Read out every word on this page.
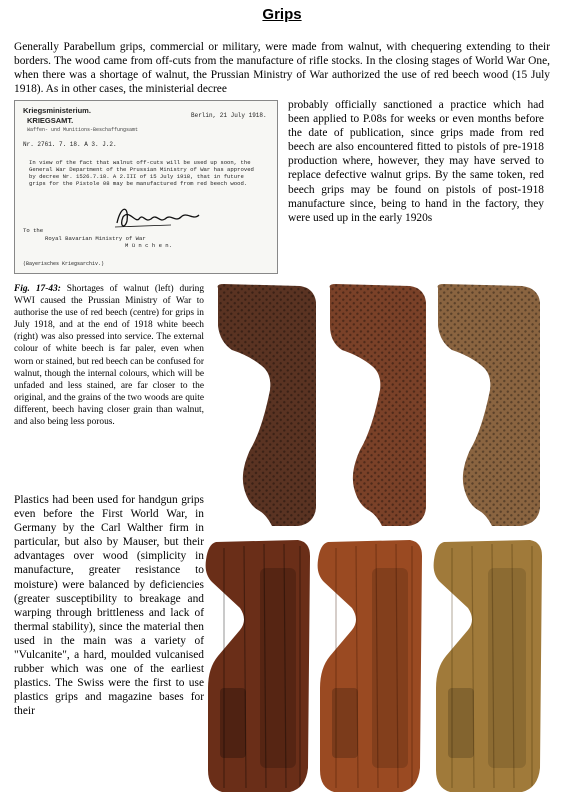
Grips
Generally Parabellum grips, commercial or military, were made from walnut, with chequering extending to their borders. The wood came from off-cuts from the manufacture of rifle stocks. In the closing stages of World War One, when there was a shortage of walnut, the Prussian Ministry of War authorized the use of red beech wood (15 July 1918). As in other cases, the ministerial decree
Kriegsministerium.
KRIEGSAMT.
Waffen- und Munitions-Beschaffungsamt
Berlin, 21 July 1918.
Nr. 2761. 7. 18. A 3. J.2.
In view of the fact that walnut off-cuts will be used up soon, the General War Department of the Prussian Ministry of War has approved by decree Nr. 1526.7.18. A 2.III of 15 July 1918, that in future grips for the Pistole 08 may be manufactured from red beech wood.
To the
Royal Bavarian Ministry of War
M ü n c h e n.
(Bayerisches Kriegsarchiv.)
probably officially sanctioned a practice which had been applied to P.08s for weeks or even months before the date of publication, since grips made from red beech are also encountered fitted to pistols of pre-1918 production where, however, they may have served to replace defective walnut grips. By the same token, red beech grips may be found on pistols of post-1918 manufacture since, being to hand in the factory, they were used up in the early 1920s
Fig. 17-43: Shortages of walnut (left) during WWI caused the Prussian Ministry of War to authorise the use of red beech (centre) for grips in July 1918, and at the end of 1918 white beech (right) was also pressed into service. The external colour of white beech is far paler, even when worn or stained, but red beech can be confused for walnut, though the internal colours, which will be unfaded and less stained, are far closer to the original, and the grains of the two woods are quite different, beech having closer grain than walnut, and also being less porous.
Plastics had been used for handgun grips even before the First World War, in Germany by the Carl Walther firm in particular, but also by Mauser, but their advantages over wood (simplicity in manufacture, greater resistance to moisture) were balanced by deficiencies (greater susceptibility to breakage and warping through brittleness and lack of thermal stability), since the material then used in the main was a variety of "Vulcanite", a hard, moulded vulcanised rubber which was one of the earliest plastics. The Swiss were the first to use plastics grips and magazine bases for their
